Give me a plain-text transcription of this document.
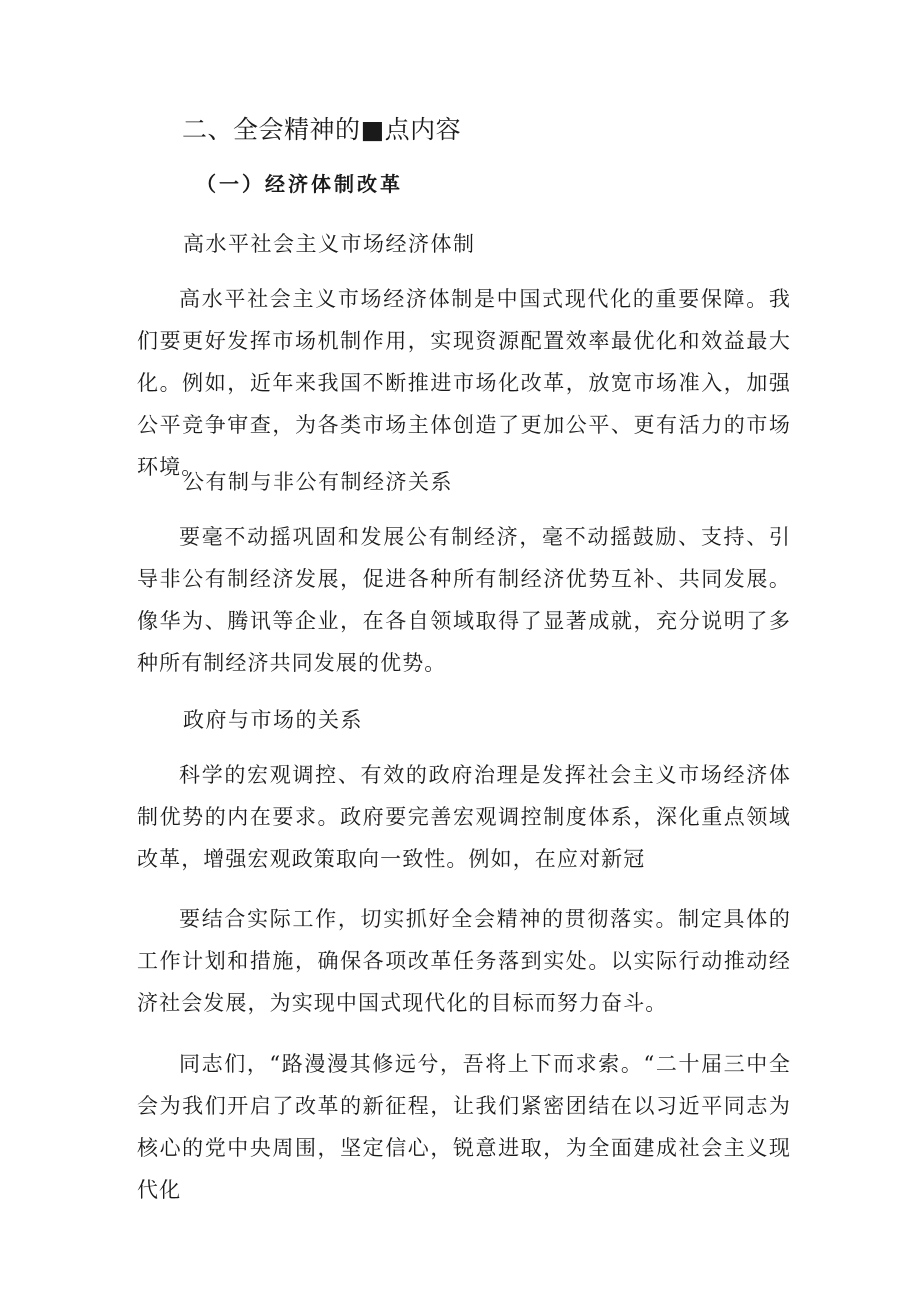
二、全会精神的■点内容
（一）经济体制改革

高水平社会主义市场经济体制

高水平社会主义市场经济体制是中国式现代化的重要保障。我们要更好发挥市场机制作用，实现资源配置效率最优化和效益最大化。例如，近年来我国不断推进市场化改革，放宽市场准入，加强公平竞争审查，为各类市场主体创造了更加公平、更有活力的市场环境。

公有制与非公有制经济关系

要毫不动摇巩固和发展公有制经济，毫不动摇鼓励、支持、引导非公有制经济发展，促进各种所有制经济优势互补、共同发展。像华为、腾讯等企业，在各自领域取得了显著成就，充分说明了多种所有制经济共同发展的优势。

政府与市场的关系

科学的宏观调控、有效的政府治理是发挥社会主义市场经济体制优势的内在要求。政府要完善宏观调控制度体系，深化重点领域改革，增强宏观政策取向一致性。例如，在应对新冠

要结合实际工作，切实抓好全会精神的贯彻落实。制定具体的工作计划和措施，确保各项改革任务落到实处。以实际行动推动经济社会发展，为实现中国式现代化的目标而努力奋斗。

同志们，“路漫漫其修远兮，吾将上下而求索。“二十届三中全会为我们开启了改革的新征程，让我们紧密团结在以习近平同志为核心的党中央周围，坚定信心，锐意进取，为全面建成社会主义现代化
